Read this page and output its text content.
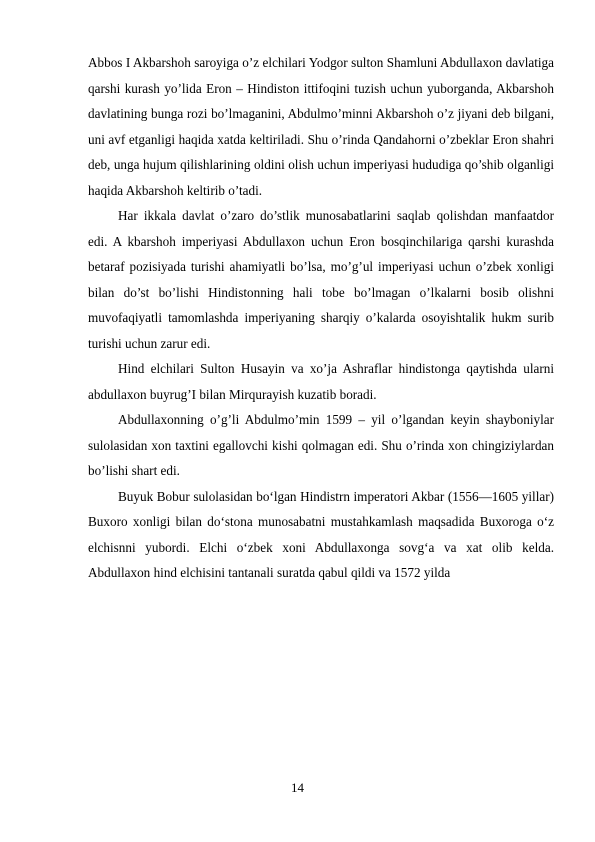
Abbos I Akbarshoh saroyiga o’z elchilari Yodgor sulton Shamluni Abdullaxon davlatiga qarshi kurash yo’lida Eron – Hindiston ittifoqini tuzish uchun yuborganda, Akbarshoh davlatining bunga rozi bo’lmaganini, Abdulmo’minni Akbarshoh o’z jiyani deb bilgani, uni avf etganligi haqida xatda keltiriladi. Shu o’rinda Qandahorni o’zbeklar Eron shahri deb, unga hujum qilishlarining oldini olish uchun imperiyasi hududiga qo’shib olganligi haqida Akbarshoh keltirib o’tadi.

Har ikkala davlat o’zaro do’stlik munosabatlarini saqlab qolishdan manfaatdor edi. A kbarshoh imperiyasi Abdullaxon uchun Eron bosqinchilariga qarshi kurashda betaraf pozisiyada turishi ahamiyatli bo’lsa, mo’g’ul imperiyasi uchun o’zbek xonligi bilan do’st bo’lishi Hindistonning hali tobe bo’lmagan o’lkalarni bosib olishni muvofaqiyatli tamomlashda imperiyaning sharqiy o’kalarda osoyishtalik hukm surib turishi uchun zarur edi.

Hind elchilari Sulton Husayin va xo’ja Ashraflar hindistonga qaytishda ularni abdullaxon buyrug’I bilan Mirqurayish kuzatib boradi.

Abdullaxonning o’g’li Abdulmo’min 1599 – yil o’lgandan keyin shayboniylar sulolasidan xon taxtini egallovchi kishi qolmagan edi. Shu o’rinda xon chingiziylardan bo’lishi shart edi.

Buyuk Bobur sulolasidan bo‘lgan Hindistrn imperatori Akbar (1556—1605 yillar) Buxoro xonligi bilan do‘stona munosabatni mustahkamlash maqsadida Buxoroga o‘z elchisnni yubordi. Elchi o‘zbek xoni Abdullaxonga sovg‘a va xat olib kelda. Abdullaxon hind elchisini tantanali suratda qabul qildi va 1572 yilda

14
